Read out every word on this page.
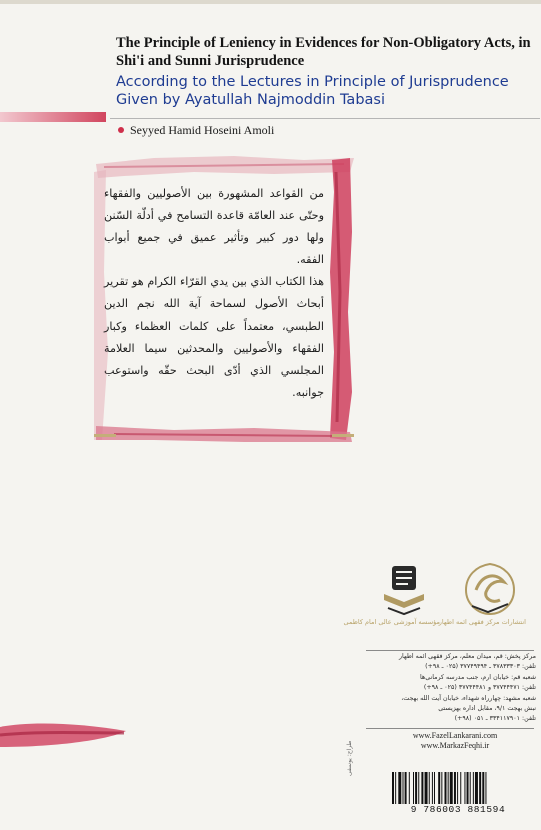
The Principle of Leniency in Evidences for Non-Obligatory Acts, in Shi'i and Sunni Jurisprudence
According to the Lectures in Principle of Jurisprudence Given by Ayatullah Najmoddin Tabasi
Seyyed Hamid Hoseini Amoli

من القواعد المشهورة بين الأصوليين والفقهاء وحتّى عند العامّة قاعدة التسامح في أدلّة السّنن ولها دور كبير وتأثير عميق في جميع أبواب الفقه.

هذا الكتاب الذي بين يدي القرّاء الكرام هو تقرير أبحاث الأصول لسماحة آية الله نجم الدين الطبسي، معتمداً على كلمات العظماء وكبار الفقهاء والأصوليين والمحدثين سيما العلامة المجلسي الذي أدّى البحث حقّه واستوعب جوانبه.

مؤسسه آموزشی عالی امام کاظمی
انتشارات مرکز فقهی ائمه اطهار
مرکز پخش: قم، میدان معلم، مرکز فقهی ائمه اطهار
تلفن: ۳۷۸۳۳۳۰۳ ـ ۳۷۷۴۹۴۹۴ (۰۲۵ ـ ۹۸+)
شعبه قم: خیابان ارم، جنب مدرسه کرمانی‌ها
تلفن: ۳۷۷۴۴۴۷۱ و ۳۷۷۴۴۴۸۱ (۰۲۵ ـ ۹۸+)
شعبه مشهد: چهارراه شهداء، خیابان آیت الله بهجت،
نبش بهجت ۹/۱، مقابل اداره بهزیستی
تلفن: ۳۳۴۱۱۷۹۰۱ ـ ۰۵۱ (۹۸+)
www.FazelLankarani.com
www.MarkazFeqhi.ir
طراح: یوسفی
9 786003 881594
